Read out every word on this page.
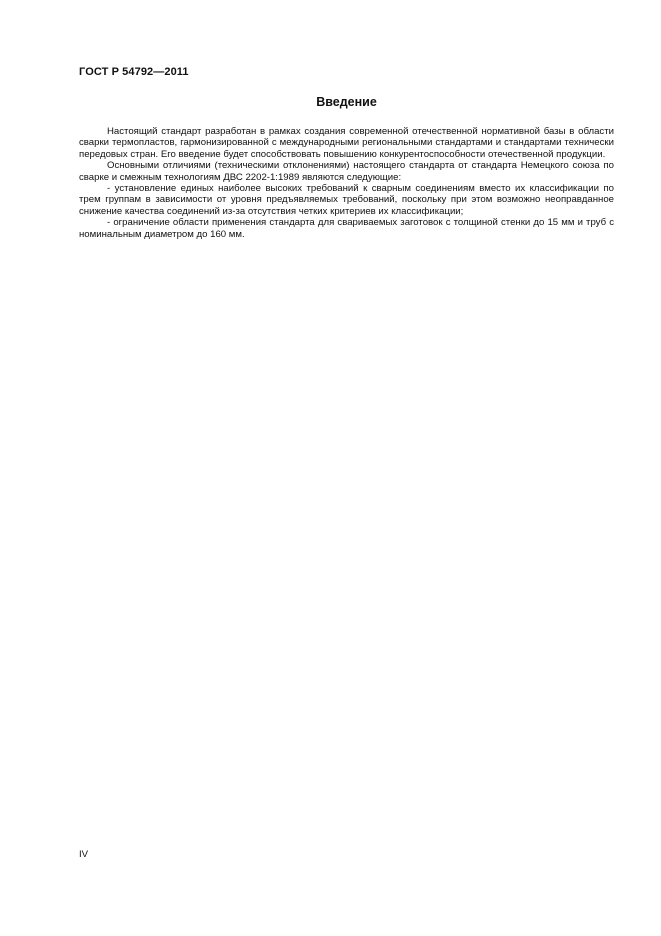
ГОСТ Р 54792—2011
Введение

Настоящий стандарт разработан в рамках создания современной отечественной нормативной базы в области сварки термопластов, гармонизированной с международными региональными стандартами и стандартами технически передовых стран. Его введение будет способствовать повышению конкурентоспособности отечественной продукции.

Основными отличиями (техническими отклонениями) настоящего стандарта от стандарта Немецкого союза по сварке и смежным технологиям ДВС 2202-1:1989 являются следующие:

- установление единых наиболее высоких требований к сварным соединениям вместо их классификации по трем группам в зависимости от уровня предъявляемых требований, поскольку при этом возможно неоправданное снижение качества соединений из-за отсутствия четких критериев их классификации;

- ограничение области применения стандарта для свариваемых заготовок с толщиной стенки до 15 мм и труб с номинальным диаметром до 160 мм.

IV
